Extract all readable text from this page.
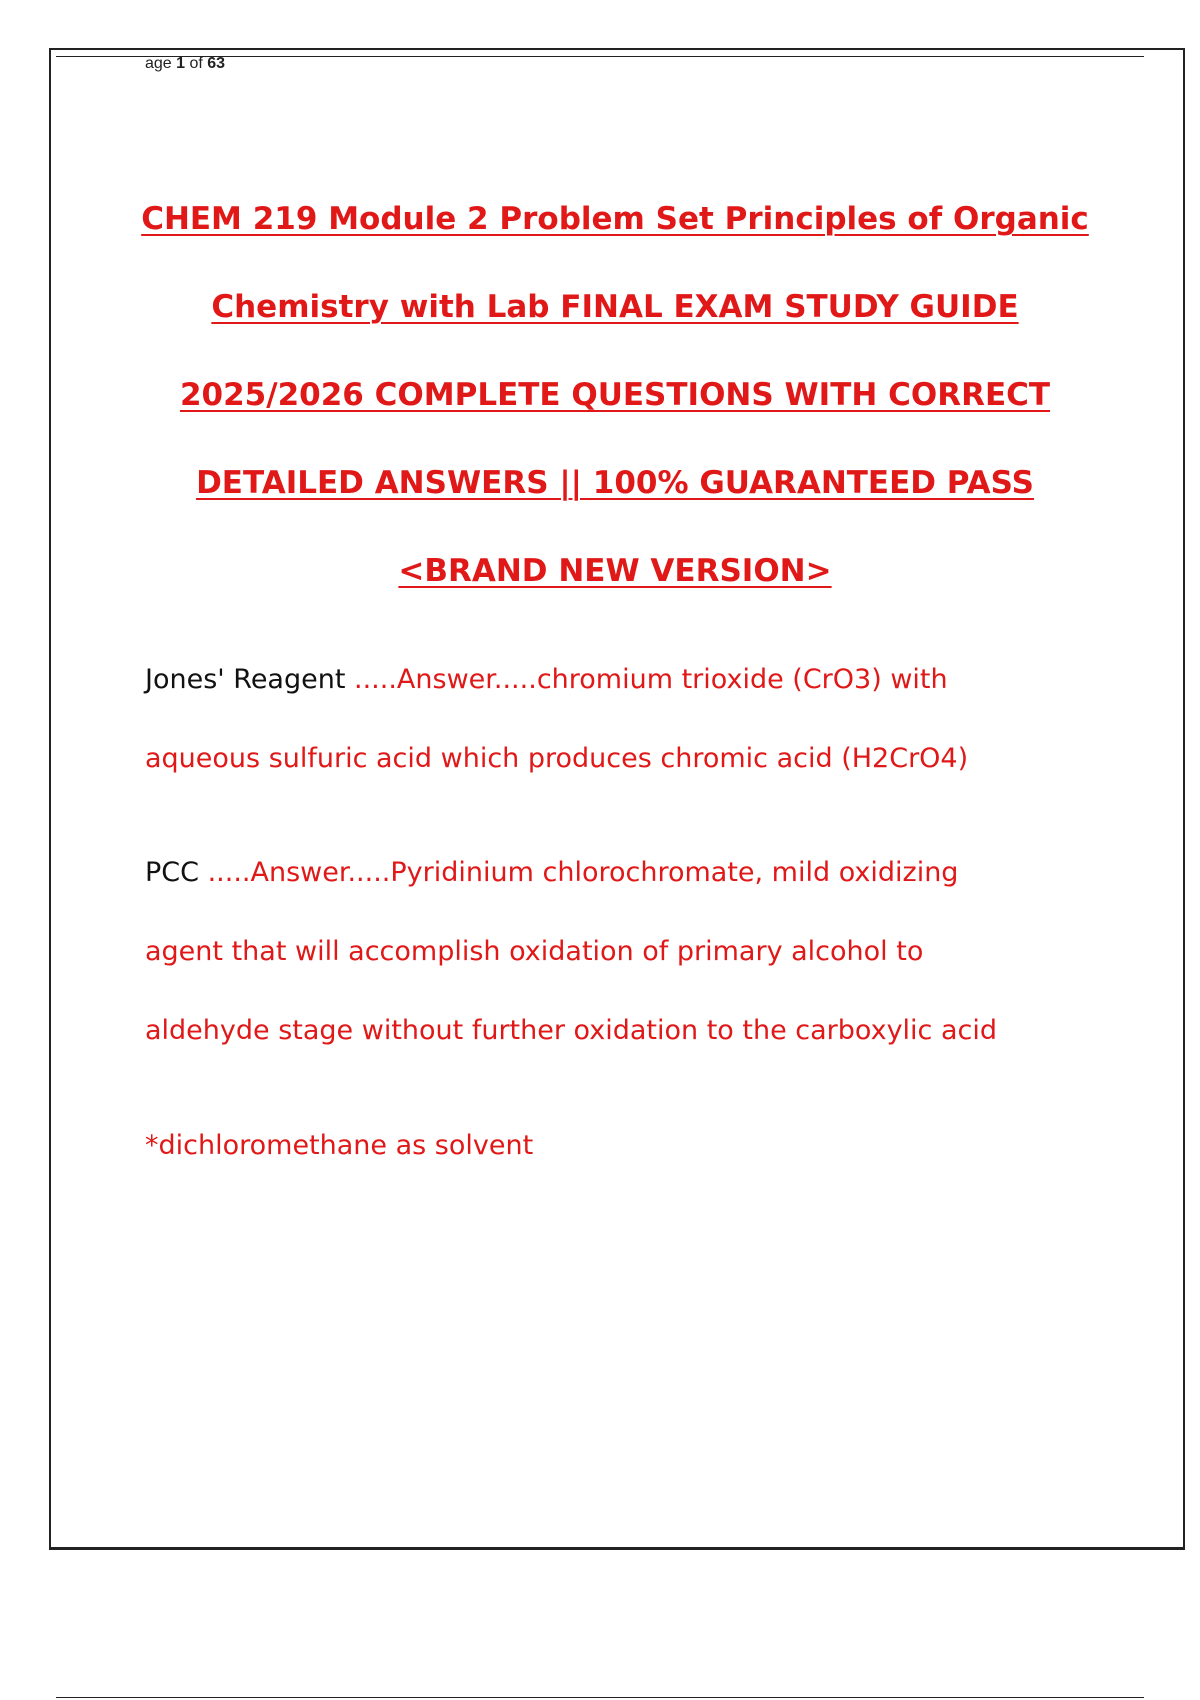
age 1 of 63
CHEM 219 Module 2 Problem Set Principles of Organic
Chemistry with Lab FINAL EXAM STUDY GUIDE
2025/2026 COMPLETE QUESTIONS WITH CORRECT
DETAILED ANSWERS || 100% GUARANTEED PASS
<BRAND NEW VERSION>
Jones' Reagent .....Answer.....chromium trioxide (CrO3) with
aqueous sulfuric acid which produces chromic acid (H2CrO4)
PCC .....Answer.....Pyridinium chlorochromate, mild oxidizing
agent that will accomplish oxidation of primary alcohol to
aldehyde stage without further oxidation to the carboxylic acid
*dichloromethane as solvent
